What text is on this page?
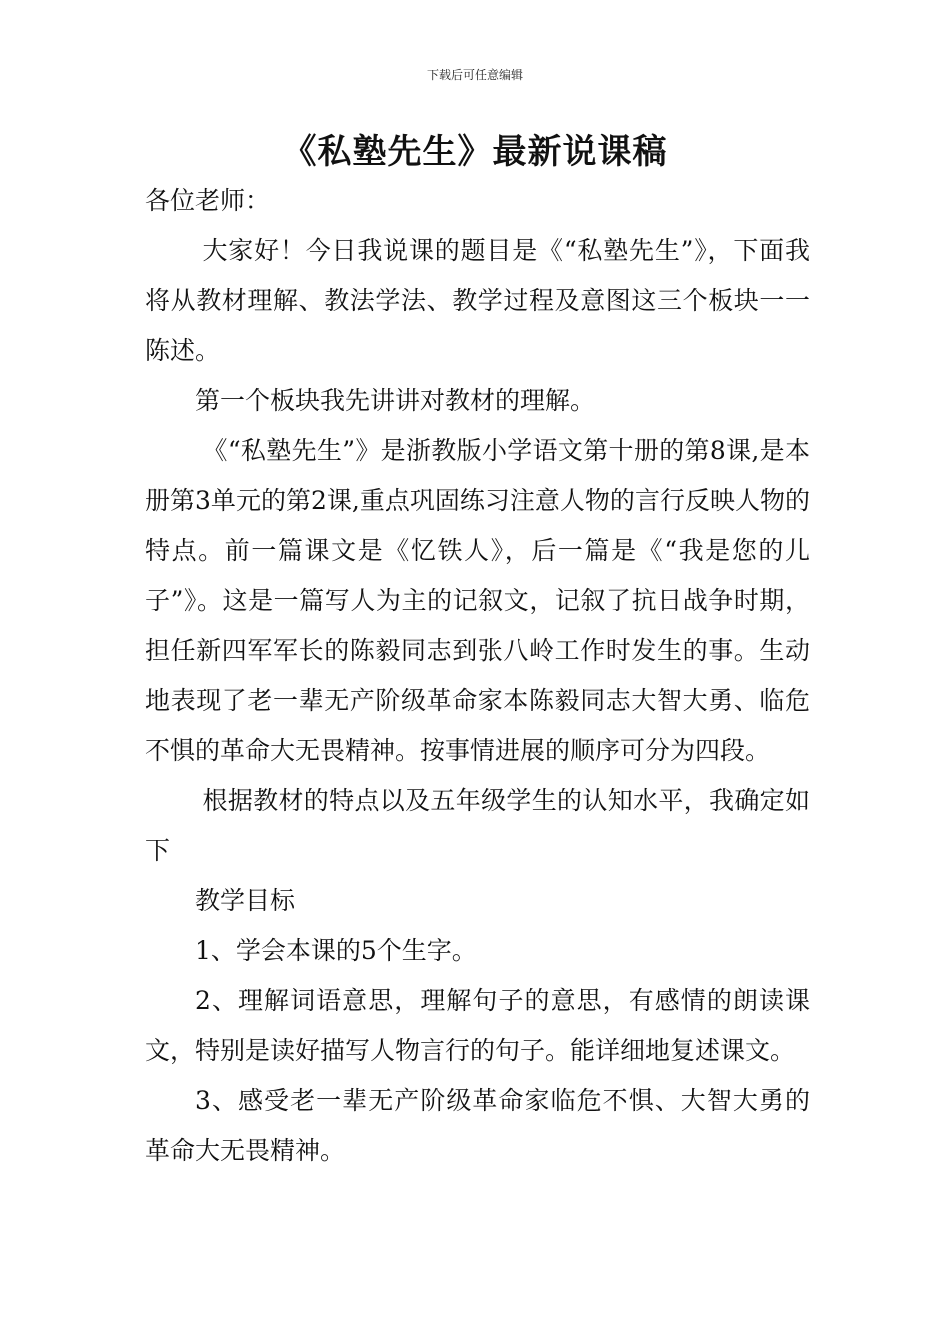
下载后可任意编辑
《私塾先生》最新说课稿

各位老师：

大家好！今日我说课的题目是《“私塾先生”》，下面我将从教材理解、教法学法、教学过程及意图这三个板块一一陈述。

第一个板块我先讲讲对教材的理解。

《“私塾先生”》是浙教版小学语文第十册的第8课,是本册第3单元的第2课,重点巩固练习注意人物的言行反映人物的特点。前一篇课文是《忆铁人》，后一篇是《“我是您的儿子”》。这是一篇写人为主的记叙文，记叙了抗日战争时期，担任新四军军长的陈毅同志到张八岭工作时发生的事。生动地表现了老一辈无产阶级革命家本陈毅同志大智大勇、临危不惧的革命大无畏精神。按事情进展的顺序可分为四段。

根据教材的特点以及五年级学生的认知水平，我确定如下

教学目标

1、学会本课的5个生字。

2、理解词语意思，理解句子的意思，有感情的朗读课文，特别是读好描写人物言行的句子。能详细地复述课文。

3、感受老一辈无产阶级革命家临危不惧、大智大勇的革命大无畏精神。
